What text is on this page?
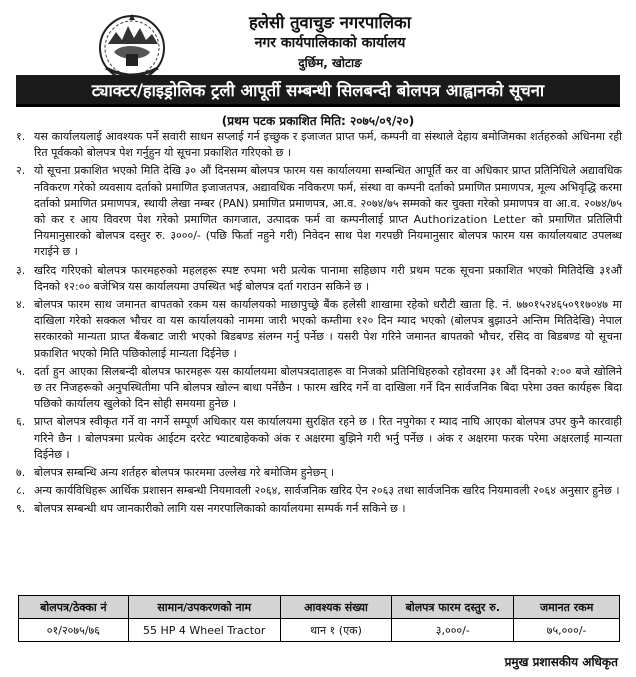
हलेसी तुवाचुङ नगरपालिका
नगर कार्यपालिकाको कार्यालय
दुर्छिम, खोटाङ
ट्याक्टर/हाइड्रोलिक ट्रली आपूर्ती सम्बन्धी सिलबन्दी बोलपत्र आह्वानको सूचना
(प्रथम पटक प्रकाशित मिति: २०७५/०९/२०)
१. यस कार्यालयलाई आवश्यक पर्ने सवारी साधन सप्लाई गर्न इच्छुक र इजाजत प्राप्त फर्म, कम्पनी वा संस्थाले देहाय बमोजिमका शर्तहरुको अधिनमा रही रित पूर्वकको बोलपत्र पेश गर्नुहुन यो सूचना प्रकाशित गरिएको छ ।
२. यो सूचना प्रकाशित भएको मिति देखि ३० औं दिनसम्म बोलपत्र फारम यस कार्यालयमा सम्बन्धित आपूर्ति कर वा अधिकार प्राप्त प्रतिनिधिले अद्यावधिक नविकरण गरेको व्यवसाय दर्ताको प्रमाणित इजाजतपत्र, अद्यावधिक नविकरण फर्म, संस्था वा कम्पनी दर्ताको प्रमाणित प्रमाणपत्र, मूल्य अभिवृद्धि करमा दर्ताको प्रमाणित प्रमाणपत्र, स्थायी लेखा नम्बर (PAN) प्रमाणित प्रमाणपत्र, आ.व. २०७४/७५ सम्मको कर चुक्ता गरेको प्रमाणपत्र वा आ.व. २०७४/७५ को कर र आय विवरण पेश गरेको प्रमाणित कागजात, उत्पादक फर्म वा कम्पनीलाई प्राप्त Authorization Letter को प्रमाणित प्रतिलिपी नियमानुसारको बोलपत्र दस्तुर रु. ३०००/- (पछि फिर्ता नहुने गरी) निवेदन साथ पेश गरपछी नियमानुसार बोलपत्र फारम यस कार्यालयबाट उपलब्ध गराईने छ ।
३. खरिद गरिएको बोलपत्र फारमहरुको महलहरू स्पष्ट रुपमा भरी प्रत्येक पानामा सहिछाप गरी प्रथम पटक सूचना प्रकाशित भएको मितिदेखि ३१औं दिनको १२:०० बजेभित्र यस कार्यालयमा उपस्थित भई बोलपत्र दर्ता गराउन सकिने छ ।
४. बोलपत्र फारम साथ जमानत बापतको रकम यस कार्यालयको माछापुच्छ्रे बैंक हलेसी शाखामा रहेको धरौटी खाता हि. नं. ७७०१५२४६५०९१७०४७ मा दाखिला गरेको सक्कल भौचर वा यस कार्यालयको नाममा जारी भएको कम्तीमा १२० दिन म्याद भएको (बोलपत्र बुझाउने अन्तिम मितिदेखि) नेपाल सरकारको मान्यता प्राप्त बैंकबाट जारी भएको बिडबण्ड संलग्न गर्नु पर्नेछ । यसरी पेश गरिने जमानत बापतको भौचर, रसिद वा बिडबण्ड यो सूचना प्रकाशित भएको मिति पछिकोलाई मान्यता दिईनेछ ।
५. दर्ता हुन आएका सिलबन्दी बोलपत्र फारमहरू यस कार्यालयमा बोलपत्रदाताहरू वा निजको प्रतिनिधिहरुको रहोवरमा ३१ औं दिनको २:०० बजे खोलिने छ तर निजहरूको अनुपस्थितीमा पनि बोलपत्र खोल्न बाधा पर्नेछैन । फारम खरिद गर्ने वा दाखिला गर्ने दिन सार्वजनिक बिदा परेमा उक्त कार्यहरू बिदा पछिको कार्यालय खुलेको दिन सोही समयमा हुनेछ ।
६. प्राप्त बोलपत्र स्वीकृत गर्ने वा नगर्ने सम्पूर्ण अधिकार यस कार्यालयमा सुरक्षित रहने छ । रित नपुगेका र म्याद नाघि आएका बोलपत्र उपर कुनै कारवाही गरिने छैन । बोलपत्रमा प्रत्येक आईटम दररेट भ्याटबाहेकको अंक र अक्षरमा बुझिने गरी भर्नु पर्नेछ । अंक र अक्षरमा फरक परेमा अक्षरलाई मान्यता दिईनेछ ।
७. बोलपत्र सम्बन्धि अन्य शर्तहरु बोलपत्र फारममा उल्लेख गरे बमोजिम हुनेछन् ।
८. अन्य कार्यविधिहरू आर्थिक प्रशासन सम्बन्धी नियमावली २०६४, सार्वजनिक खरिद ऐन २०६३ तथा सार्वजनिक खरिद नियमावली २०६४ अनुसार हुनेछ ।
९. बोलपत्र सम्बन्धी थप जानकारीको लागि यस नगरपालिकाको कार्यालयमा सम्पर्क गर्न सकिने छ ।
बोलपत्र/ठेक्का नं	सामान/उपकरणको नाम	आवश्यक संख्या	बोलपत्र फारम दस्तुर रु.	जमानत रकम
०१/२०७५/७६	55 HP 4 Wheel Tractor	थान १ (एक)	३,०००/-	७५,०००/-
प्रमुख प्रशासकीय अधिकृत
